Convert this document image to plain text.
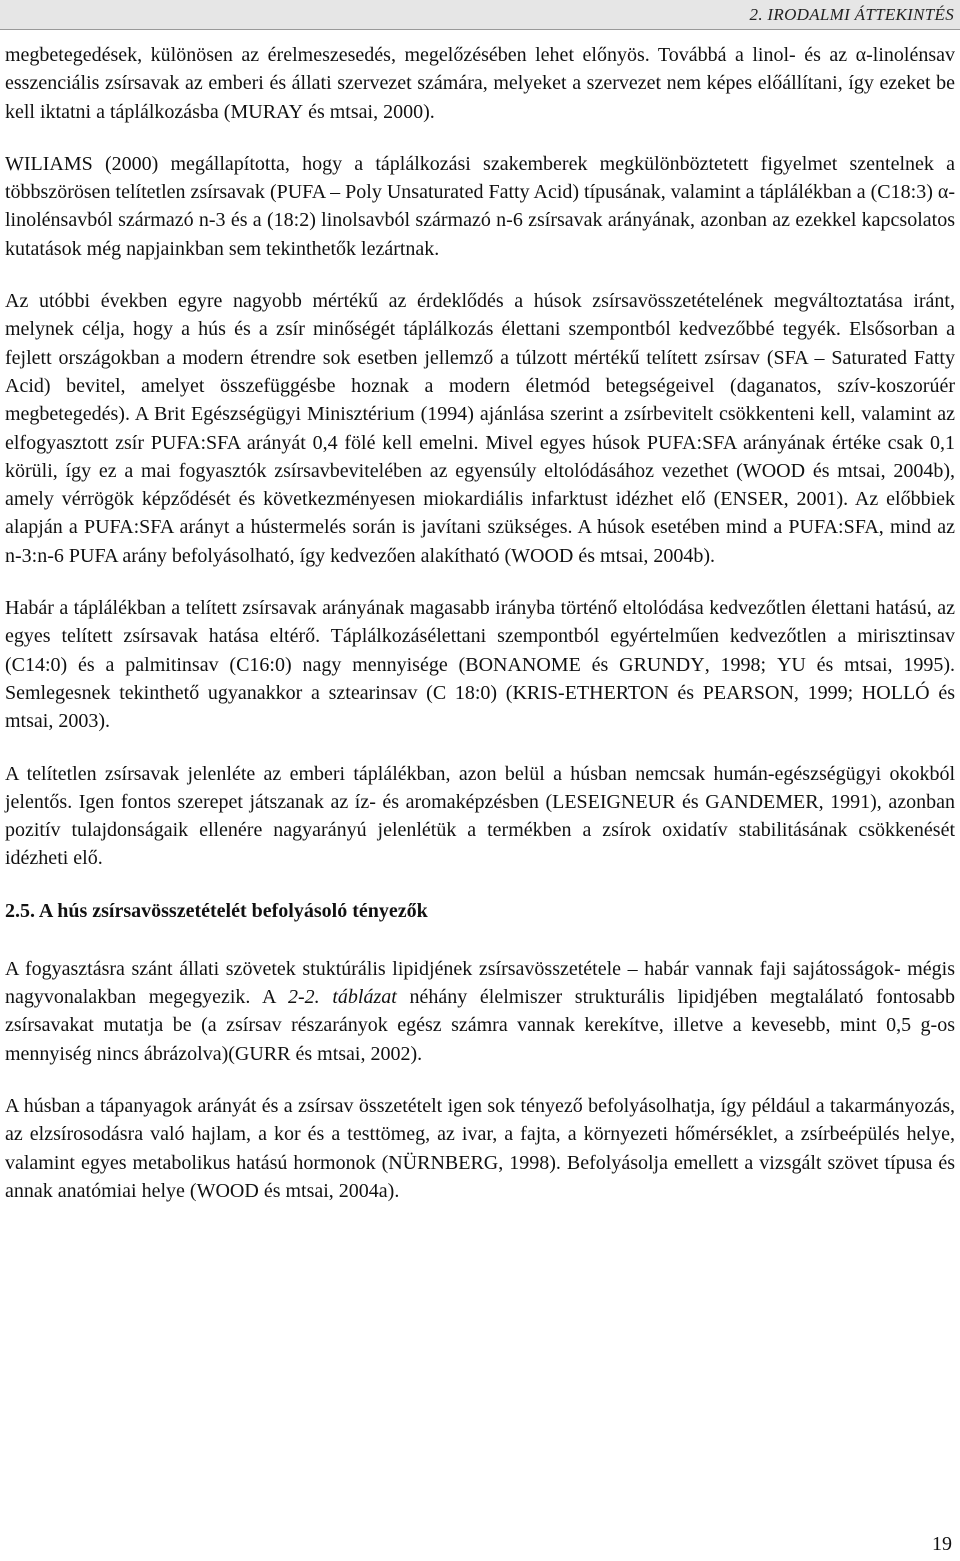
2. IRODALMI ÁTTEKINTÉS

megbetegedések, különösen az érelmeszesedés, megelőzésében lehet előnyös. Továbbá a linol- és az α-linolénsav esszenciális zsírsavak az emberi és állati szervezet számára, melyeket a szervezet nem képes előállítani, így ezeket be kell iktatni a táplálkozásba (MURAY és mtsai, 2000).

WILIAMS (2000) megállapította, hogy a táplálkozási szakemberek megkülönböztetett figyelmet szentelnek a többszörösen telítetlen zsírsavak (PUFA – Poly Unsaturated Fatty Acid) típusának, valamint a táplálékban a (C18:3) α-linolénsavból származó n-3 és a (18:2) linolsavból származó n-6 zsírsavak arányának, azonban az ezekkel kapcsolatos kutatások még napjainkban sem tekinthetők lezártnak.

Az utóbbi években egyre nagyobb mértékű az érdeklődés a húsok zsírsavösszetételének megváltoztatása iránt, melynek célja, hogy a hús és a zsír minőségét táplálkozás élettani szempontból kedvezőbbé tegyék. Elsősorban a fejlett országokban a modern étrendre sok esetben jellemző a túlzott mértékű telített zsírsav (SFA – Saturated Fatty Acid) bevitel, amelyet összefüggésbe hoznak a modern életmód betegségeivel (daganatos, szív-koszorúér megbetegedés). A Brit Egészségügyi Minisztérium (1994) ajánlása szerint a zsírbevitelt csökkenteni kell, valamint az elfogyasztott zsír PUFA:SFA arányát 0,4 fölé kell emelni. Mivel egyes húsok PUFA:SFA arányának értéke csak 0,1 körüli, így ez a mai fogyasztók zsírsavbevitelében az egyensúly eltolódásához vezethet (WOOD és mtsai, 2004b), amely vérrögök képződését és következményesen miokardiális infarktust idézhet elő (ENSER, 2001). Az előbbiek alapján a PUFA:SFA arányt a hústermelés során is javítani szükséges. A húsok esetében mind a PUFA:SFA, mind az n-3:n-6 PUFA arány befolyásolható, így kedvezően alakítható (WOOD és mtsai, 2004b).

Habár a táplálékban a telített zsírsavak arányának magasabb irányba történő eltolódása kedvezőtlen élettani hatású, az egyes telített zsírsavak hatása eltérő. Táplálkozásélettani szempontból egyértelműen kedvezőtlen a mirisztinsav (C14:0) és a palmitinsav (C16:0) nagy mennyisége (BONANOME és GRUNDY, 1998; YU és mtsai, 1995). Semlegesnek tekinthető ugyanakkor a sztearinsav (C 18:0) (KRIS-ETHERTON és PEARSON, 1999; HOLLÓ és mtsai, 2003).

A telítetlen zsírsavak jelenléte az emberi táplálékban, azon belül a húsban nemcsak humán-egészségügyi okokból jelentős. Igen fontos szerepet játszanak az íz- és aromaképzésben (LESEIGNEUR és GANDEMER, 1991), azonban pozitív tulajdonságaik ellenére nagyarányú jelenlétük a termékben a zsírok oxidatív stabilitásának csökkenését idézheti elő.

2.5. A hús zsírsavösszetételét befolyásoló tényezők

A fogyasztásra szánt állati szövetek stuktúrális lipidjének zsírsavösszetétele – habár vannak faji sajátosságok- mégis nagyvonalakban megegyezik. A 2-2. táblázat néhány élelmiszer strukturális lipidjében megtalálató fontosabb zsírsavakat mutatja be (a zsírsav részarányok egész számra vannak kerekítve, illetve a kevesebb, mint 0,5 g-os mennyiség nincs ábrázolva)(GURR és mtsai, 2002).

A húsban a tápanyagok arányát és a zsírsav összetételt igen sok tényező befolyásolhatja, így például a takarmányozás, az elzsírosodásra való hajlam, a kor és a testtömeg, az ivar, a fajta, a környezeti hőmérséklet, a zsírbeépülés helye, valamint egyes metabolikus hatású hormonok (NÜRNBERG, 1998). Befolyásolja emellett a vizsgált szövet típusa és annak anatómiai helye (WOOD és mtsai, 2004a).

19
